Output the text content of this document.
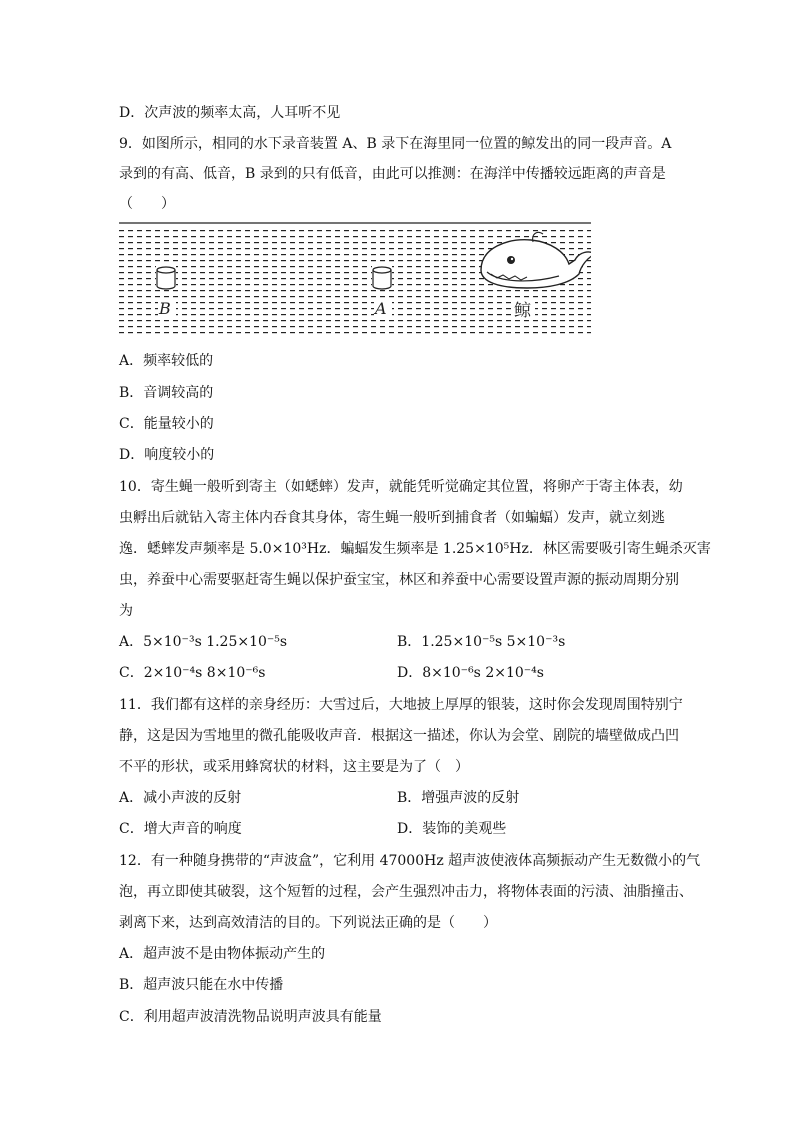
D．次声波的频率太高，人耳听不见
9．如图所示，相同的水下录音装置 A、B 录下在海里同一位置的鲸发出的同一段声音。A
录到的有高、低音，B 录到的只有低音，由此可以推测：在海洋中传播较远距离的声音是
（　　）
B	A	鲸
A．频率较低的
B．音调较高的
C．能量较小的
D．响度较小的
10．寄生蝇一般听到寄主（如蟋蟀）发声，就能凭听觉确定其位置，将卵产于寄主体表，幼
虫孵出后就钻入寄主体内吞食其身体，寄生蝇一般听到捕食者（如蝙蝠）发声，就立刻逃
逸．蟋蟀发声频率是 5.0×10³Hz．蝙蝠发生频率是 1.25×10⁵Hz．林区需要吸引寄生蝇杀灭害
虫，养蚕中心需要驱赶寄生蝇以保护蚕宝宝，林区和养蚕中心需要设置声源的振动周期分别
为
A．5×10⁻³s 1.25×10⁻⁵s	B．1.25×10⁻⁵s 5×10⁻³s
C．2×10⁻⁴s 8×10⁻⁶s	D．8×10⁻⁶s 2×10⁻⁴s
11．我们都有这样的亲身经历：大雪过后，大地披上厚厚的银装，这时你会发现周围特别宁
静，这是因为雪地里的微孔能吸收声音．根据这一描述，你认为会堂、剧院的墙壁做成凸凹
不平的形状，或采用蜂窝状的材料，这主要是为了（　）
A．减小声波的反射	B．增强声波的反射
C．增大声音的响度	D．装饰的美观些
12．有一种随身携带的“声波盒”，它利用 47000Hz 超声波使液体高频振动产生无数微小的气
泡，再立即使其破裂，这个短暂的过程，会产生强烈冲击力，将物体表面的污渍、油脂撞击、
剥离下来，达到高效清洁的目的。下列说法正确的是（　　）
A．超声波不是由物体振动产生的
B．超声波只能在水中传播
C．利用超声波清洗物品说明声波具有能量
